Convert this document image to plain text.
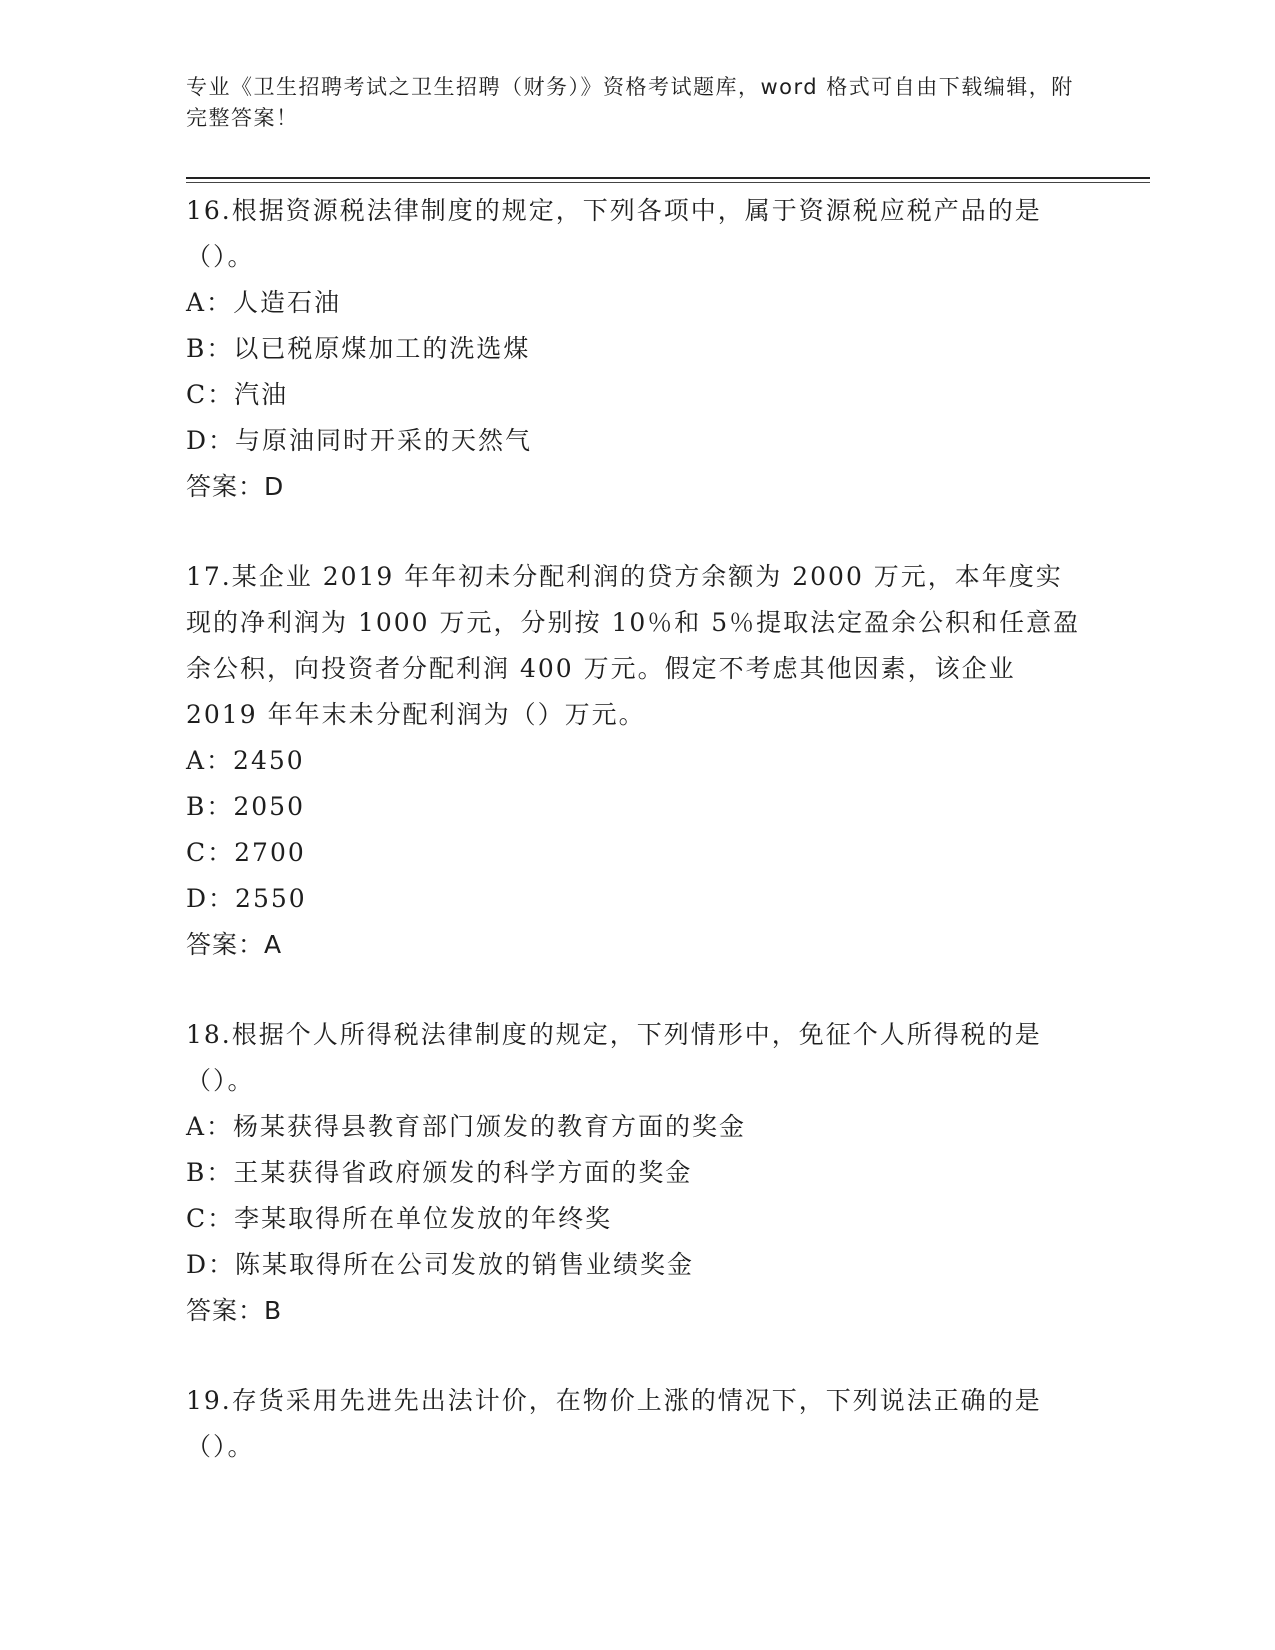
专业《卫生招聘考试之卫生招聘（财务）》资格考试题库，word 格式可自由下载编辑，附完整答案！
16.根据资源税法律制度的规定，下列各项中，属于资源税应税产品的是（）。
A：人造石油
B：以已税原煤加工的洗选煤
C：汽油
D：与原油同时开采的天然气
答案：D
17.某企业 2019 年年初未分配利润的贷方余额为 2000 万元，本年度实现的净利润为 1000 万元，分别按 10％和 5％提取法定盈余公积和任意盈余公积，向投资者分配利润 400 万元。假定不考虑其他因素，该企业 2019 年年末未分配利润为（）万元。
A：2450
B：2050
C：2700
D：2550
答案：A
18.根据个人所得税法律制度的规定，下列情形中，免征个人所得税的是（）。
A：杨某获得县教育部门颁发的教育方面的奖金
B：王某获得省政府颁发的科学方面的奖金
C：李某取得所在单位发放的年终奖
D：陈某取得所在公司发放的销售业绩奖金
答案：B
19.存货采用先进先出法计价，在物价上涨的情况下，下列说法正确的是（）。
